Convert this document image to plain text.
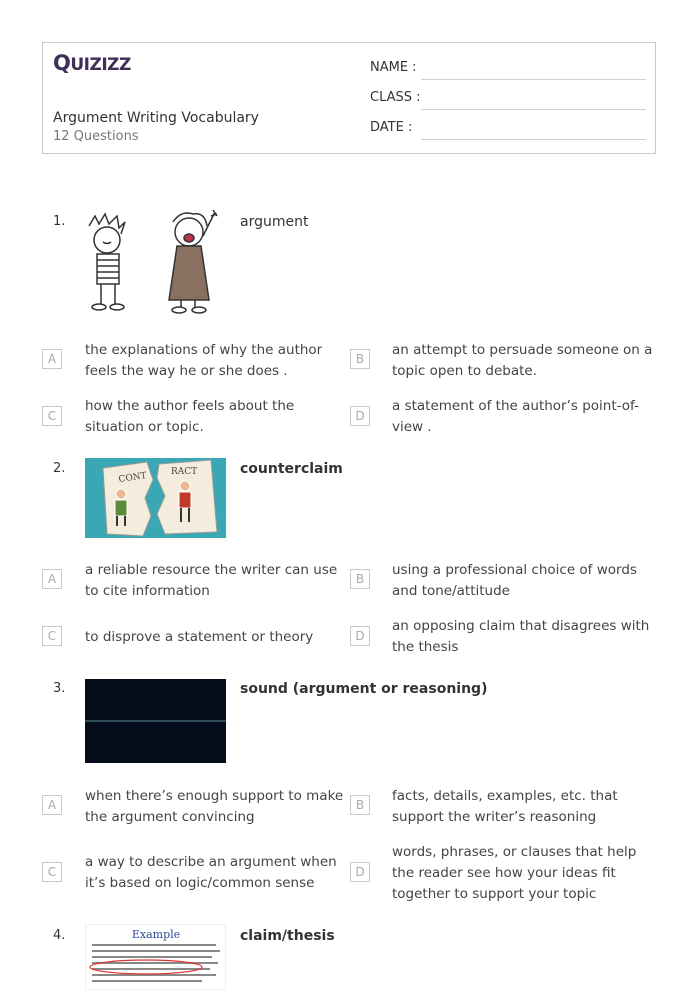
QUIZIZZ
Argument Writing Vocabulary
12 Questions
NAME :
CLASS :
DATE :
1.	argument
A
the explanations of why the author feels the way he or she does .
B
an attempt to persuade someone on a topic open to debate.
C
how the author feels about the situation or topic.
D
a statement of the author’s point-of-view .
2.
CONT	RACT	counterclaim
A
a reliable resource the writer can use to cite information
B
using a professional choice of words and tone/attitude
C	to disprove a statement or theory	D
an opposing claim that disagrees with the thesis
3.	sound (argument or reasoning)
A
when there’s enough support to make the argument convincing
B
facts, details, examples, etc. that support the writer’s reasoning
C
a way to describe an argument when it’s based on logic/common sense
D
words, phrases, or clauses that help the reader see how your ideas fit together to support your topic
4.	Example	claim/thesis
